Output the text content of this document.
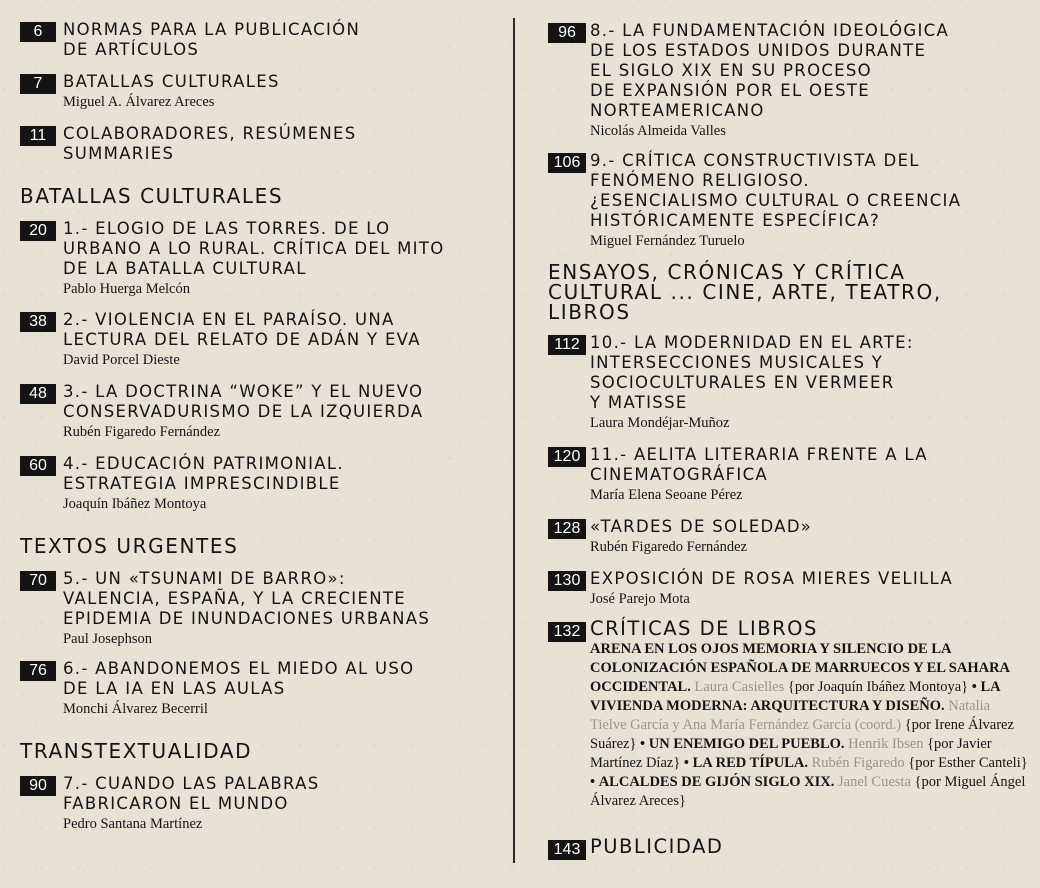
6	NORMAS PARA LA PUBLICACIÓN
DE ARTÍCULOS
7	BATALLAS CULTURALES
Miguel A. Álvarez Areces
11	COLABORADORES, RESÚMENES
SUMMARIES
BATALLAS CULTURALES
20 1.- ELOGIO DE LAS TORRES. DE LO
URBANO A LO RURAL. CRÍTICA DEL MITO
DE LA BATALLA CULTURAL
Pablo Huerga Melcón
38 2.- VIOLENCIA EN EL PARAÍSO. UNA
LECTURA DEL RELATO DE ADÁN Y EVA
David Porcel Dieste
48 3.- LA DOCTRINA “WOKE” Y EL NUEVO
CONSERVADURISMO DE LA IZQUIERDA
Rubén Figaredo Fernández
60 4.- EDUCACIÓN PATRIMONIAL.
ESTRATEGIA IMPRESCINDIBLE
Joaquín Ibáñez Montoya
TEXTOS URGENTES
70 5.- UN «TSUNAMI DE BARRO»:
VALENCIA, ESPAÑA, Y LA CRECIENTE
EPIDEMIA DE INUNDACIONES URBANAS
Paul Josephson
76 6.- ABANDONEMOS EL MIEDO AL USO
DE LA IA EN LAS AULAS
Monchi Álvarez Becerril
TRANSTEXTUALIDAD
90 7.- CUANDO LAS PALABRAS
FABRICARON EL MUNDO
Pedro Santana Martínez
96 8.- LA FUNDAMENTACIÓN IDEOLÓGICA
DE LOS ESTADOS UNIDOS DURANTE
EL SIGLO XIX EN SU PROCESO
DE EXPANSIÓN POR EL OESTE
NORTEAMERICANO
Nicolás Almeida Valles
106 9.- CRÍTICA CONSTRUCTIVISTA DEL
FENÓMENO RELIGIOSO.
¿ESENCIALISMO CULTURAL O CREENCIA
HISTÓRICAMENTE ESPECÍFICA?
Miguel Fernández Turuelo
ENSAYOS, CRÓNICAS Y CRÍTICA
CULTURAL ... CINE, ARTE, TEATRO,
LIBROS
112 10.- LA MODERNIDAD EN EL ARTE:
INTERSECCIONES MUSICALES Y
SOCIOCULTURALES EN VERMEER
Y MATISSE
Laura Mondéjar-Muñoz
120 11.- AELITA LITERARIA FRENTE A LA
CINEMATOGRÁFICA
María Elena Seoane Pérez
128 «TARDES DE SOLEDAD»
Rubén Figaredo Fernández
130 EXPOSICIÓN DE ROSA MIERES VELILLA
José Parejo Mota
132 CRÍTICAS DE LIBROS
ARENA EN LOS OJOS MEMORIA Y SILENCIO DE LA COLONIZACIÓN ESPAÑOLA DE MARRUECOS Y EL SAHARA OCCIDENTAL. Laura Casielles {por Joaquín Ibáñez Montoya} • LA VIVIENDA MODERNA: ARQUITECTURA Y DISEÑO. Natalia Tielve García y Ana María Fernández García (coord.) {por Irene Álvarez Suárez} • UN ENEMIGO DEL PUEBLO. Henrik Ibsen {por Javier Martínez Díaz} • LA RED TÍPULA. Rubén Figaredo {por Esther Canteli} • ALCALDES DE GIJÓN SIGLO XIX. Janel Cuesta {por Miguel Ángel Álvarez Areces}
143 PUBLICIDAD
